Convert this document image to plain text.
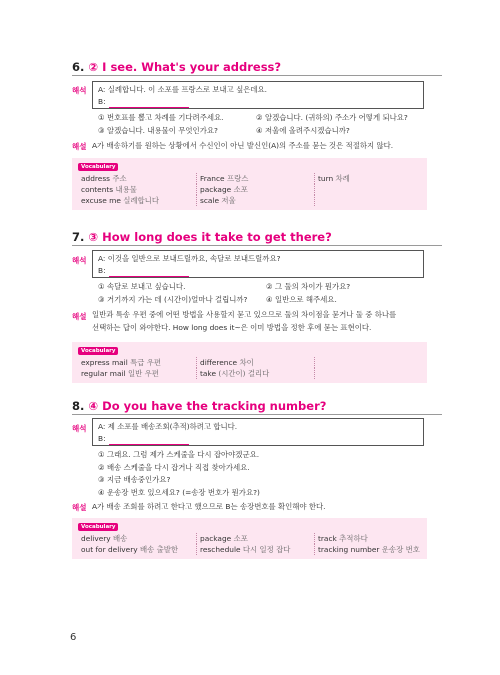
6. ② I see. What's your address?
해석 A: 실례합니다. 이 소포를 프랑스로 보내고 싶은데요.
B:
① 번호표를 뽑고 차례를 기다려주세요.	② 알겠습니다. (귀하의) 주소가 어떻게 되나요?
③ 알겠습니다. 내용물이 무엇인가요?	④ 저울에 올려주시겠습니까?
해설 A가 배송하기를 원하는 상황에서 수신인이 아닌 발신인(A)의 주소를 묻는 것은 적절하지 않다.
Vocabulary
address 주소	France 프랑스	turn 차례
contents 내용물	package 소포
excuse me 실례합니다	scale 저울
7. ③ How long does it take to get there?
해석 A: 이것을 일반으로 보내드릴까요, 속달로 보내드릴까요?
B:
① 속달로 보내고 싶습니다.	② 그 둘의 차이가 뭔가요?
③ 거기까지 가는 데 (시간이)얼마나 걸립니까?	④ 일반으로 해주세요.
해설 일반과 특송 우편 중에 어떤 방법을 사용할지 묻고 있으므로 둘의 차이점을 묻거나 둘 중 하나를
선택하는 답이 와야한다. How long does it~은 이미 방법을 정한 후에 묻는 표현이다.
Vocabulary
express mail 특급 우편	difference 차이
regular mail 일반 우편	take (시간이) 걸리다
8. ④ Do you have the tracking number?
해석 A: 제 소포를 배송조회(추적)하려고 합니다.
B:
① 그래요. 그럼 제가 스케줄을 다시 잡아야겠군요.
② 배송 스케줄을 다시 잡거나 직접 찾아가세요.
③ 지금 배송중인가요?
④ 운송장 번호 있으세요? (=송장 번호가 뭔가요?)
해설 A가 배송 조회를 하려고 한다고 했으므로 B는 송장번호를 확인해야 한다.
Vocabulary
delivery 배송	package 소포	track 추적하다
out for delivery 배송 출발한	reschedule 다시 일정 잡다	tracking number 운송장 번호
6
